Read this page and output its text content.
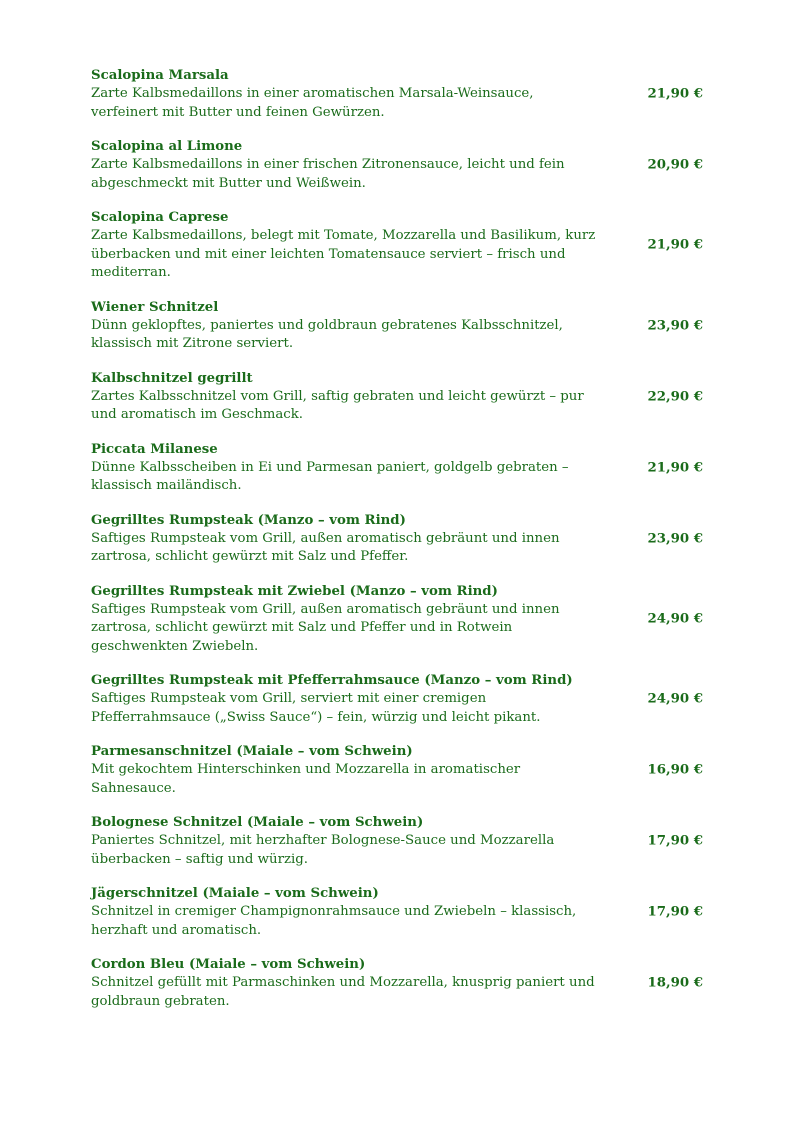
Scalopina Marsala
Zarte Kalbsmedaillons in einer aromatischen Marsala-Weinsauce, verfeinert mit Butter und feinen Gewürzen.
21,90 €
Scalopina al Limone
Zarte Kalbsmedaillons in einer frischen Zitronensauce, leicht und fein abgeschmeckt mit Butter und Weißwein.
20,90 €
Scalopina Caprese
Zarte Kalbsmedaillons, belegt mit Tomate, Mozzarella und Basilikum, kurz überbacken und mit einer leichten Tomatensauce serviert – frisch und mediterran.
21,90 €
Wiener Schnitzel
Dünn geklopftes, paniertes und goldbraun gebratenes Kalbsschnitzel, klassisch mit Zitrone serviert.
23,90 €
Kalbschnitzel gegrillt
Zartes Kalbsschnitzel vom Grill, saftig gebraten und leicht gewürzt – pur und aromatisch im Geschmack.
22,90 €
Piccata Milanese
Dünne Kalbsscheiben in Ei und Parmesan paniert, goldgelb gebraten – klassisch mailändisch.
21,90 €
Gegrilltes Rumpsteak (Manzo – vom Rind)
Saftiges Rumpsteak vom Grill, außen aromatisch gebräunt und innen zartrosa, schlicht gewürzt mit Salz und Pfeffer.
23,90 €
Gegrilltes Rumpsteak mit Zwiebel (Manzo – vom Rind)
Saftiges Rumpsteak vom Grill, außen aromatisch gebräunt und innen zartrosa, schlicht gewürzt mit Salz und Pfeffer und in Rotwein geschwenkten Zwiebeln.
24,90 €
Gegrilltes Rumpsteak mit Pfefferrahmsauce (Manzo – vom Rind)
Saftiges Rumpsteak vom Grill, serviert mit einer cremigen Pfefferrahmsauce („Swiss Sauce“) – fein, würzig und leicht pikant.
24,90 €
Parmesanschnitzel (Maiale – vom Schwein)
Mit gekochtem Hinterschinken und Mozzarella in aromatischer Sahnesauce.
16,90 €
Bolognese Schnitzel (Maiale – vom Schwein)
Paniertes Schnitzel, mit herzhafter Bolognese-Sauce und Mozzarella überbacken – saftig und würzig.
17,90 €
Jägerschnitzel (Maiale – vom Schwein)
Schnitzel in cremiger Champignonrahmsauce und Zwiebeln – klassisch, herzhaft und aromatisch.
17,90 €
Cordon Bleu (Maiale – vom Schwein)
Schnitzel gefüllt mit Parmaschinken und Mozzarella, knusprig paniert und goldbraun gebraten.
18,90 €
